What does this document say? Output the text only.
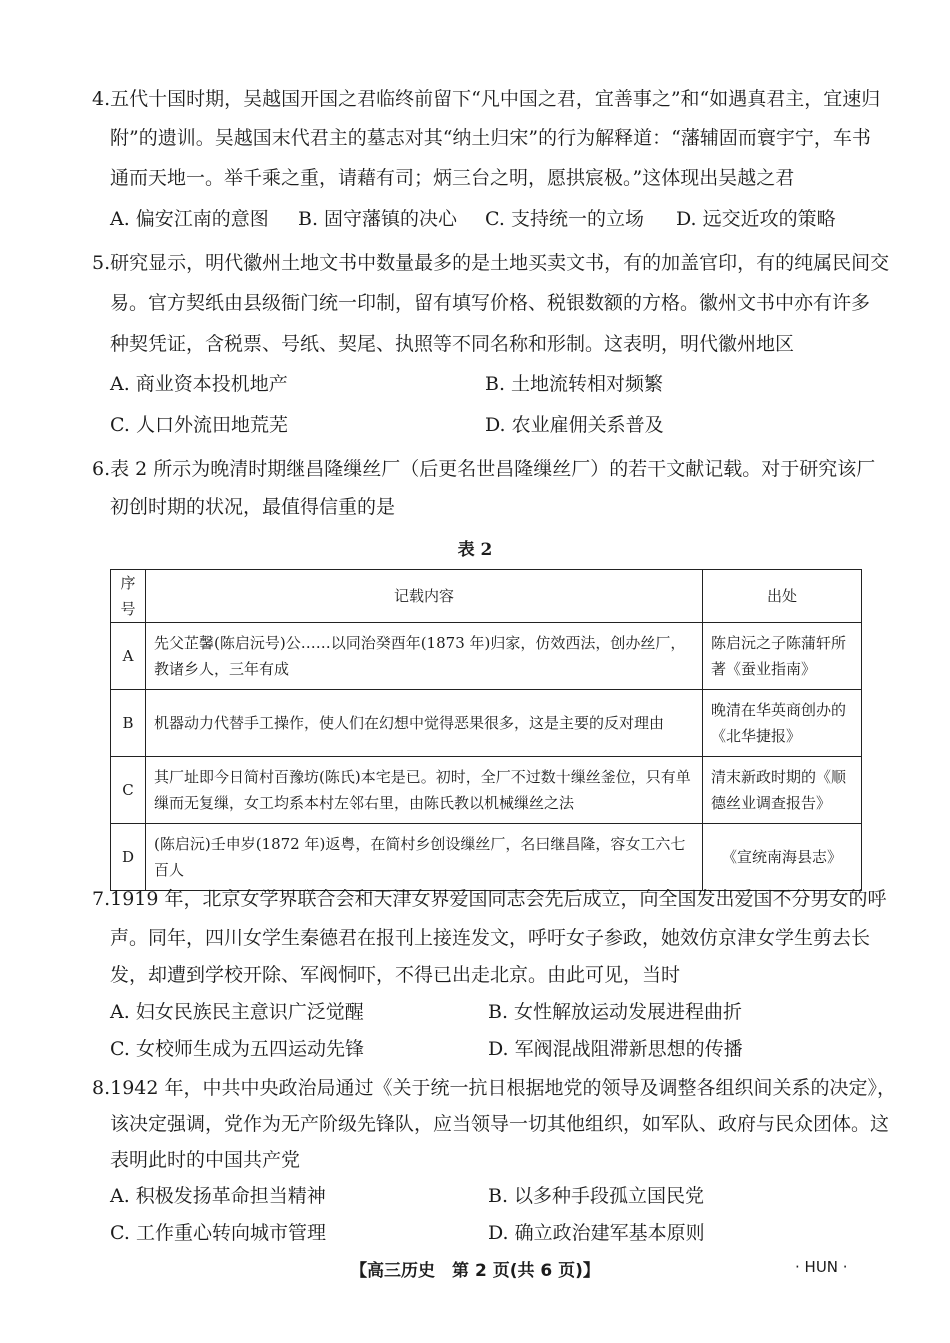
4.五代十国时期，吴越国开国之君临终前留下“凡中国之君，宜善事之”和“如遇真君主，宜速归
附”的遗训。吴越国末代君主的墓志对其“纳土归宋”的行为解释道：“藩辅固而寰宇宁，车书
通而天地一。举千乘之重，请藉有司；炳三台之明，愿拱宸极。”这体现出吴越之君
A. 偏安江南的意图 B. 固守藩镇的决心 C. 支持统一的立场 D. 远交近攻的策略
5.研究显示，明代徽州土地文书中数量最多的是土地买卖文书，有的加盖官印，有的纯属民间交
易。官方契纸由县级衙门统一印制，留有填写价格、税银数额的方格。徽州文书中亦有许多
种契凭证，含税票、号纸、契尾、执照等不同名称和形制。这表明，明代徽州地区
A. 商业资本投机地产	B. 土地流转相对频繁
C. 人口外流田地荒芜	D. 农业雇佣关系普及
6.表 2 所示为晚清时期继昌隆缫丝厂（后更名世昌隆缫丝厂）的若干文献记载。对于研究该厂
初创时期的状况，最值得信重的是
表 2
序号	记载内容	出处
A	先父芷馨(陈启沅号)公……以同治癸酉年(1873 年)归家，仿效西法，创办丝厂，教诸乡人，三年有成	陈启沅之子陈蒲轩所著《蚕业指南》
B	机器动力代替手工操作，使人们在幻想中觉得恶果很多，这是主要的反对理由	晚清在华英商创办的《北华捷报》
C	其厂址即今日简村百豫坊(陈氏)本宅是已。初时，全厂不过数十缫丝釜位，只有单缫而无复缫，女工均系本村左邻右里，由陈氏教以机械缫丝之法	清末新政时期的《顺德丝业调查报告》
D	(陈启沅)壬申岁(1872 年)返粤，在简村乡创设缫丝厂，名曰继昌隆，容女工六七百人	《宣统南海县志》
7.1919 年，北京女学界联合会和天津女界爱国同志会先后成立，向全国发出爱国不分男女的呼
声。同年，四川女学生秦德君在报刊上接连发文，呼吁女子参政，她效仿京津女学生剪去长
发，却遭到学校开除、军阀恫吓，不得已出走北京。由此可见，当时
A. 妇女民族民主意识广泛觉醒	B. 女性解放运动发展进程曲折
C. 女校师生成为五四运动先锋	D. 军阀混战阻滞新思想的传播
8.1942 年，中共中央政治局通过《关于统一抗日根据地党的领导及调整各组织间关系的决定》，
该决定强调，党作为无产阶级先锋队，应当领导一切其他组织，如军队、政府与民众团体。这
表明此时的中国共产党
A. 积极发扬革命担当精神	B. 以多种手段孤立国民党
C. 工作重心转向城市管理	D. 确立政治建军基本原则
【高三历史　第 2 页(共 6 页)】	· HUN ·
